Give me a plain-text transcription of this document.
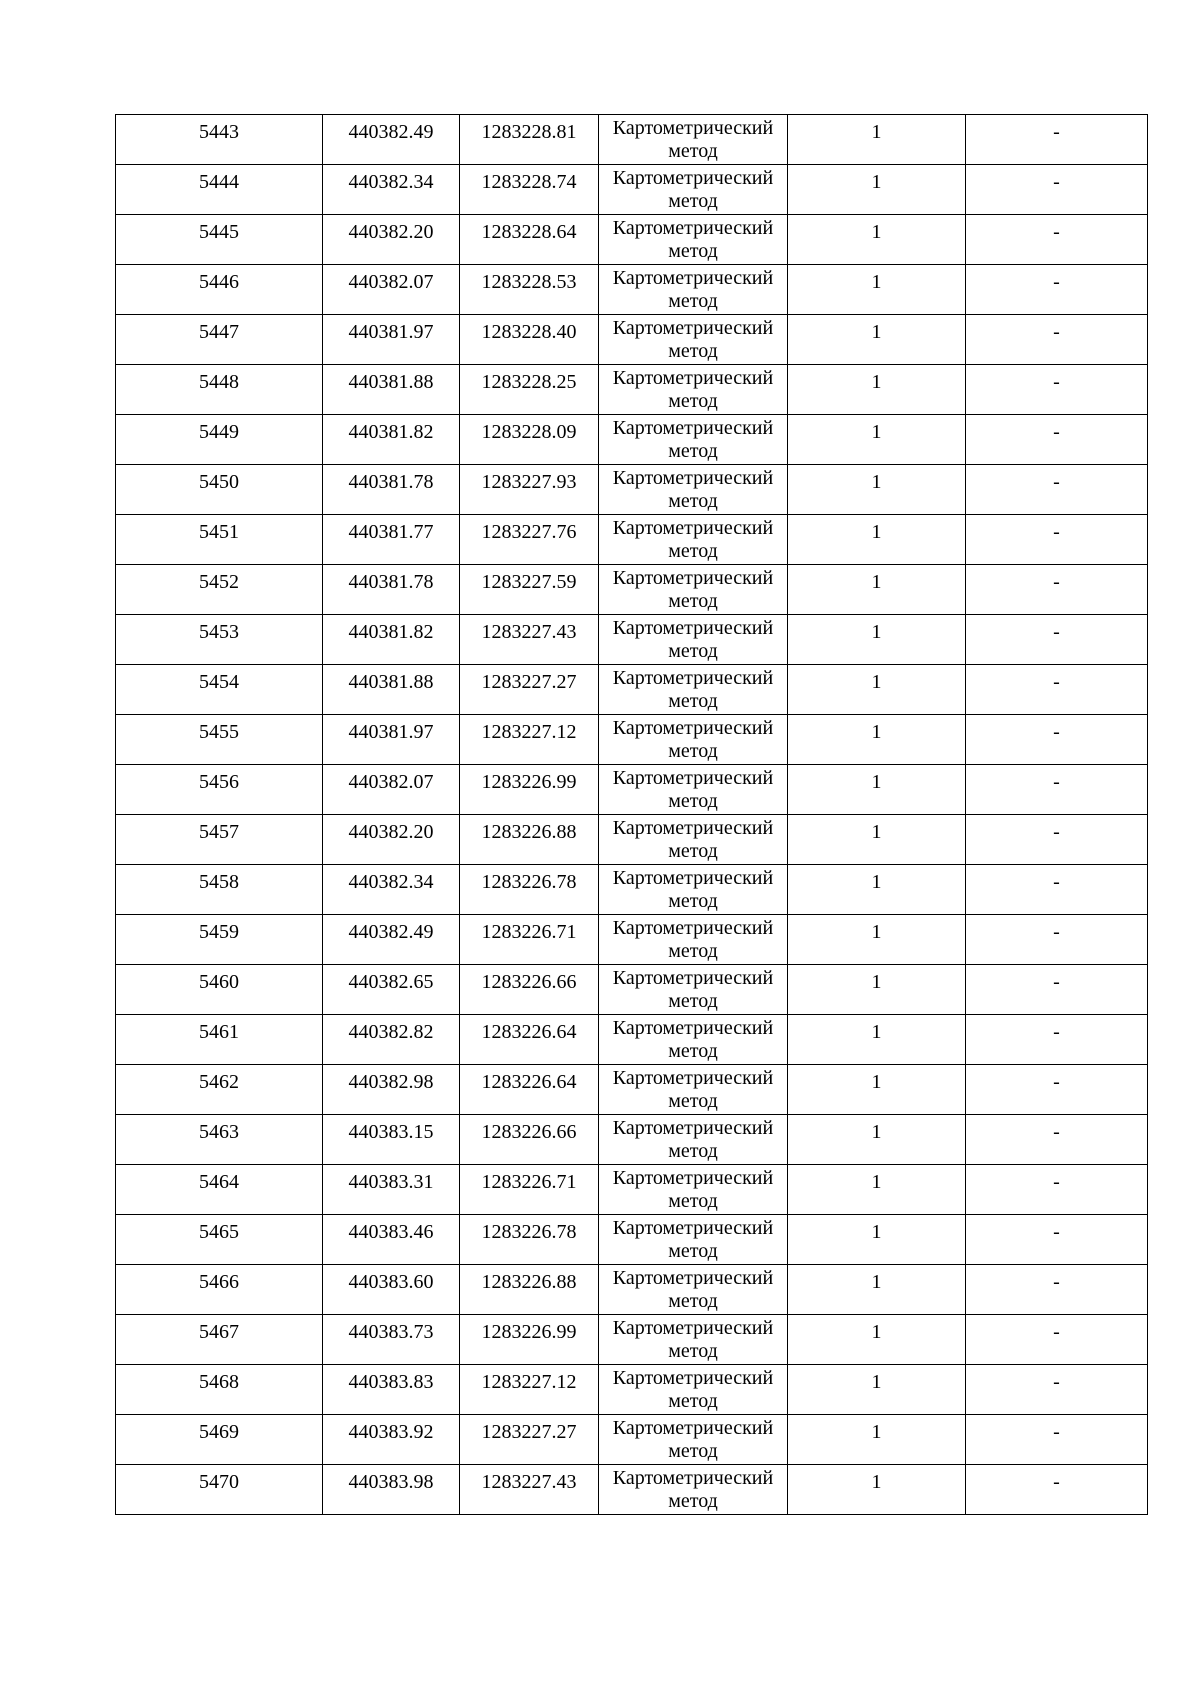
5443	440382.49	1283228.81	Картометрический
метод	1	-
5444	440382.34	1283228.74	Картометрический
метод	1	-
5445	440382.20	1283228.64	Картометрический
метод	1	-
5446	440382.07	1283228.53	Картометрический
метод	1	-
5447	440381.97	1283228.40	Картометрический
метод	1	-
5448	440381.88	1283228.25	Картометрический
метод	1	-
5449	440381.82	1283228.09	Картометрический
метод	1	-
5450	440381.78	1283227.93	Картометрический
метод	1	-
5451	440381.77	1283227.76	Картометрический
метод	1	-
5452	440381.78	1283227.59	Картометрический
метод	1	-
5453	440381.82	1283227.43	Картометрический
метод	1	-
5454	440381.88	1283227.27	Картометрический
метод	1	-
5455	440381.97	1283227.12	Картометрический
метод	1	-
5456	440382.07	1283226.99	Картометрический
метод	1	-
5457	440382.20	1283226.88	Картометрический
метод	1	-
5458	440382.34	1283226.78	Картометрический
метод	1	-
5459	440382.49	1283226.71	Картометрический
метод	1	-
5460	440382.65	1283226.66	Картометрический
метод	1	-
5461	440382.82	1283226.64	Картометрический
метод	1	-
5462	440382.98	1283226.64	Картометрический
метод	1	-
5463	440383.15	1283226.66	Картометрический
метод	1	-
5464	440383.31	1283226.71	Картометрический
метод	1	-
5465	440383.46	1283226.78	Картометрический
метод	1	-
5466	440383.60	1283226.88	Картометрический
метод	1	-
5467	440383.73	1283226.99	Картометрический
метод	1	-
5468	440383.83	1283227.12	Картометрический
метод	1	-
5469	440383.92	1283227.27	Картометрический
метод	1	-
5470	440383.98	1283227.43	Картометрический
метод	1	-
